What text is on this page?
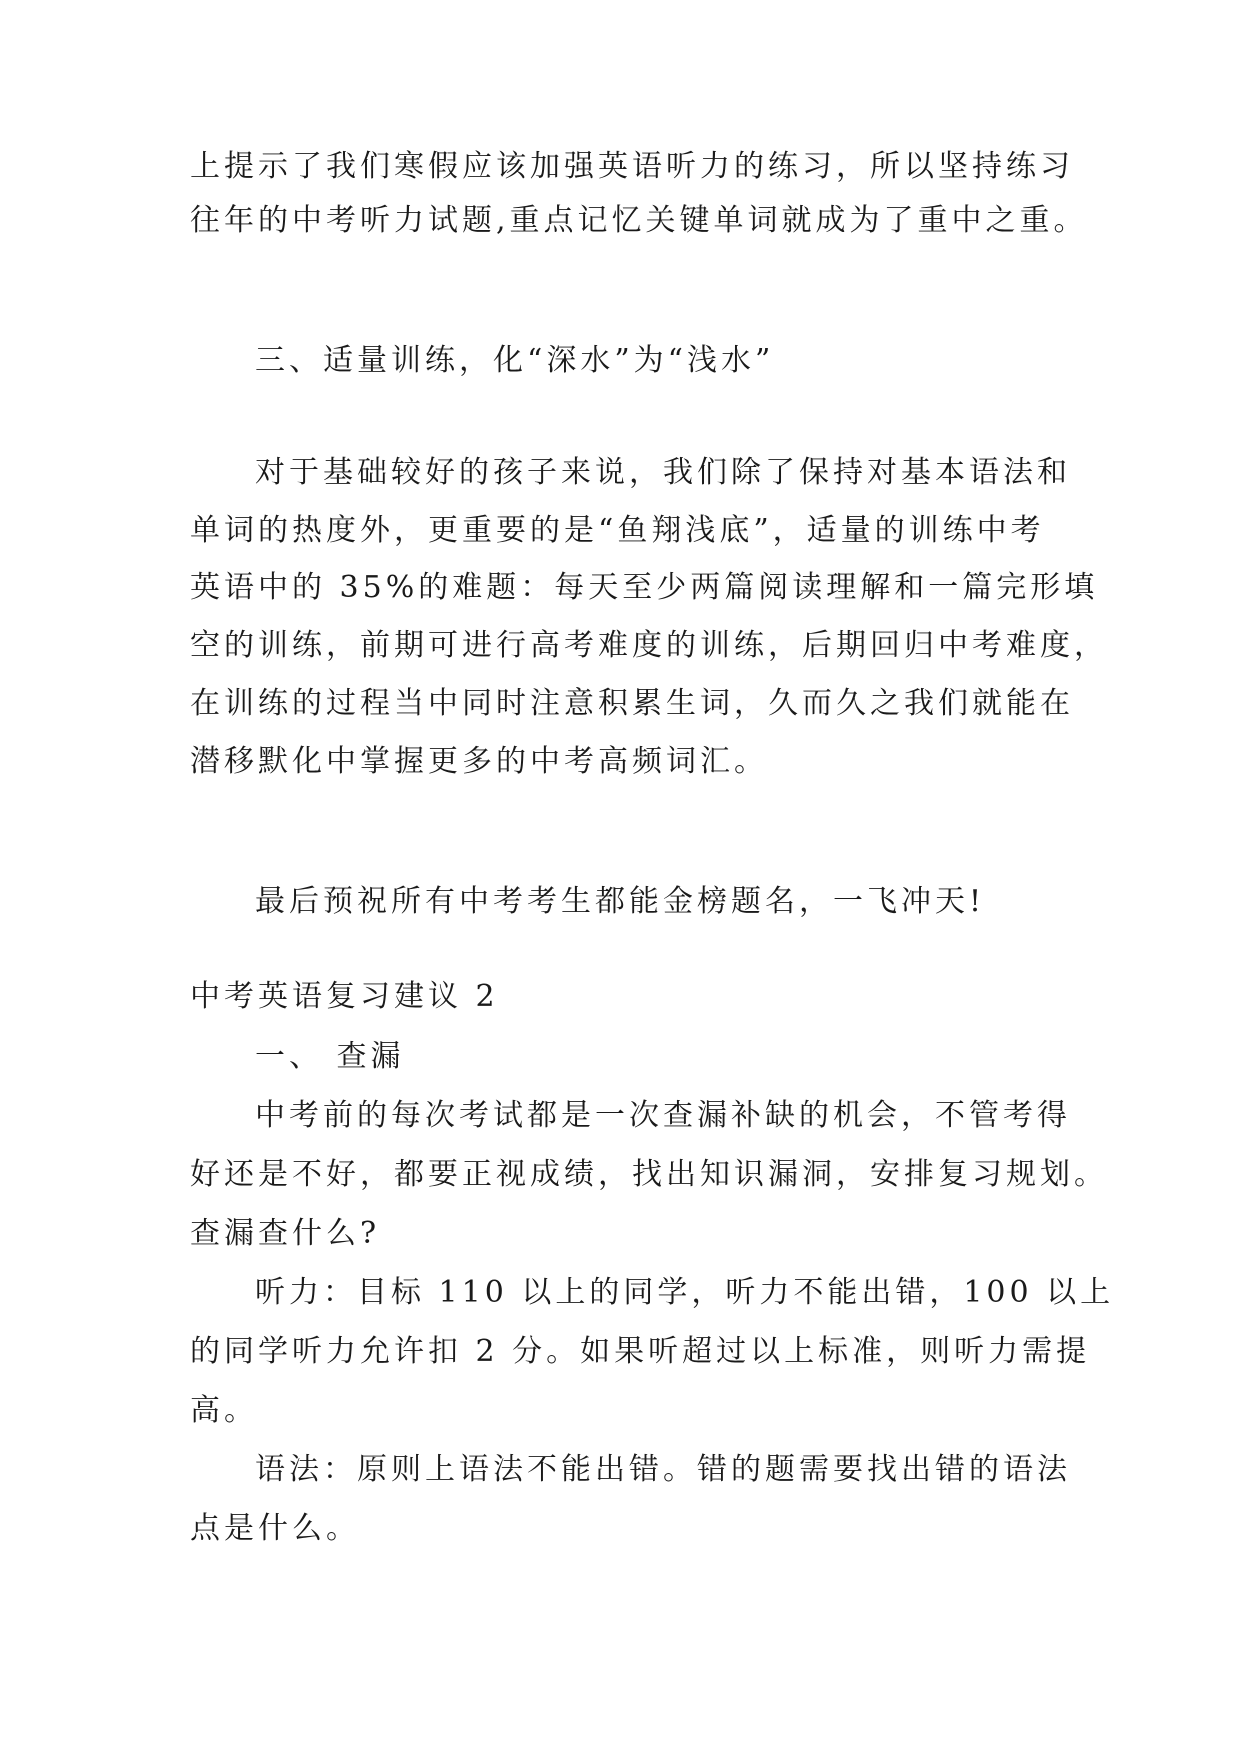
上提示了我们寒假应该加强英语听力的练习，所以坚持练习
往年的中考听力试题,重点记忆关键单词就成为了重中之重。
三、适量训练，化“深水”为“浅水”
对于基础较好的孩子来说，我们除了保持对基本语法和
单词的热度外，更重要的是“鱼翔浅底”，适量的训练中考
英语中的 35%的难题：每天至少两篇阅读理解和一篇完形填
空的训练，前期可进行高考难度的训练，后期回归中考难度，
在训练的过程当中同时注意积累生词，久而久之我们就能在
潜移默化中掌握更多的中考高频词汇。
最后预祝所有中考考生都能金榜题名，一飞冲天!
中考英语复习建议 2
一、 查漏
中考前的每次考试都是一次查漏补缺的机会，不管考得
好还是不好，都要正视成绩，找出知识漏洞，安排复习规划。
查漏查什么?
听力：目标 110 以上的同学，听力不能出错，100 以上
的同学听力允许扣 2 分。如果听超过以上标准，则听力需提
高。
语法：原则上语法不能出错。错的题需要找出错的语法
点是什么。
